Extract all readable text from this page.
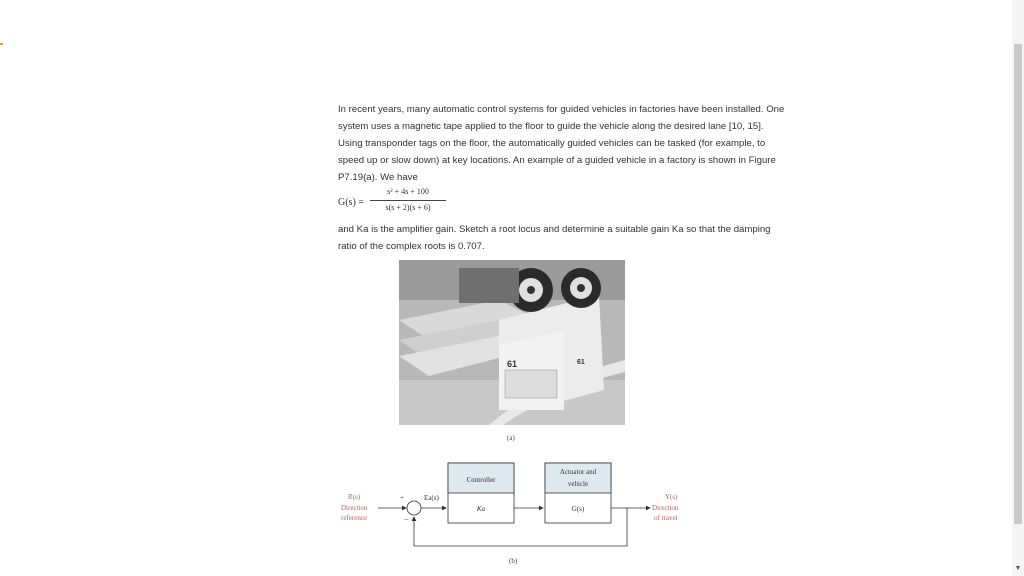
In recent years, many automatic control systems for guided vehicles in factories have been installed. One system uses a magnetic tape applied to the floor to guide the vehicle along the desired lane [10, 15]. Using transponder tags on the floor, the automatically guided vehicles can be tasked (for example, to speed up or slow down) at key locations. An example of a guided vehicle in a factory is shown in Figure P7.19(a). We have
G(s) =
s² + 4s + 100
s(s + 2)(s + 6)
and Ka is the amplifier gain. Sketch a root locus and determine a suitable gain Ka so that the damping ratio of the complex roots is 0.707.
61	61
(a)
R(s)
Direction
reference
+
−
Ea(s)
Controller
Ka
Actuator and
vehicle
G(s)
Y(s)
Direction
of travel
(b)
▼
